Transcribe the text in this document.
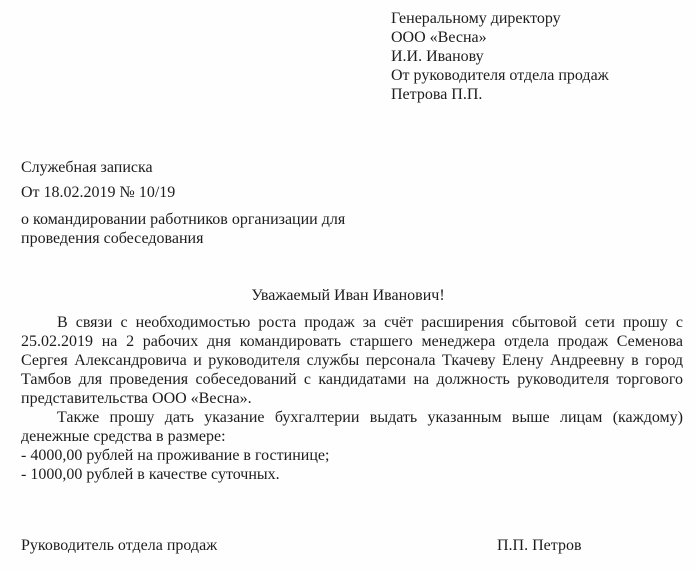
Генеральному директору
ООО «Весна»
И.И. Иванову
От руководителя отдела продаж
Петрова П.П.

Служебная записка

От 18.02.2019 № 10/19

о командировании работников организации для проведения собеседования

Уважаемый Иван Иванович!

В связи с необходимостью роста продаж за счёт расширения сбытовой сети прошу с 25.02.2019 на 2 рабочих дня командировать старшего менеджера отдела продаж Семенова Сергея Александровича и руководителя службы персонала Ткачеву Елену Андреевну в город Тамбов для проведения собеседований с кандидатами на должность руководителя торгового представительства ООО «Весна».

Также прошу дать указание бухгалтерии выдать указанным выше лицам (каждому) денежные средства в размере:

- 4000,00 рублей на проживание в гостинице;

- 1000,00 рублей в качестве суточных.

Руководитель отдела продаж	П.П. Петров
